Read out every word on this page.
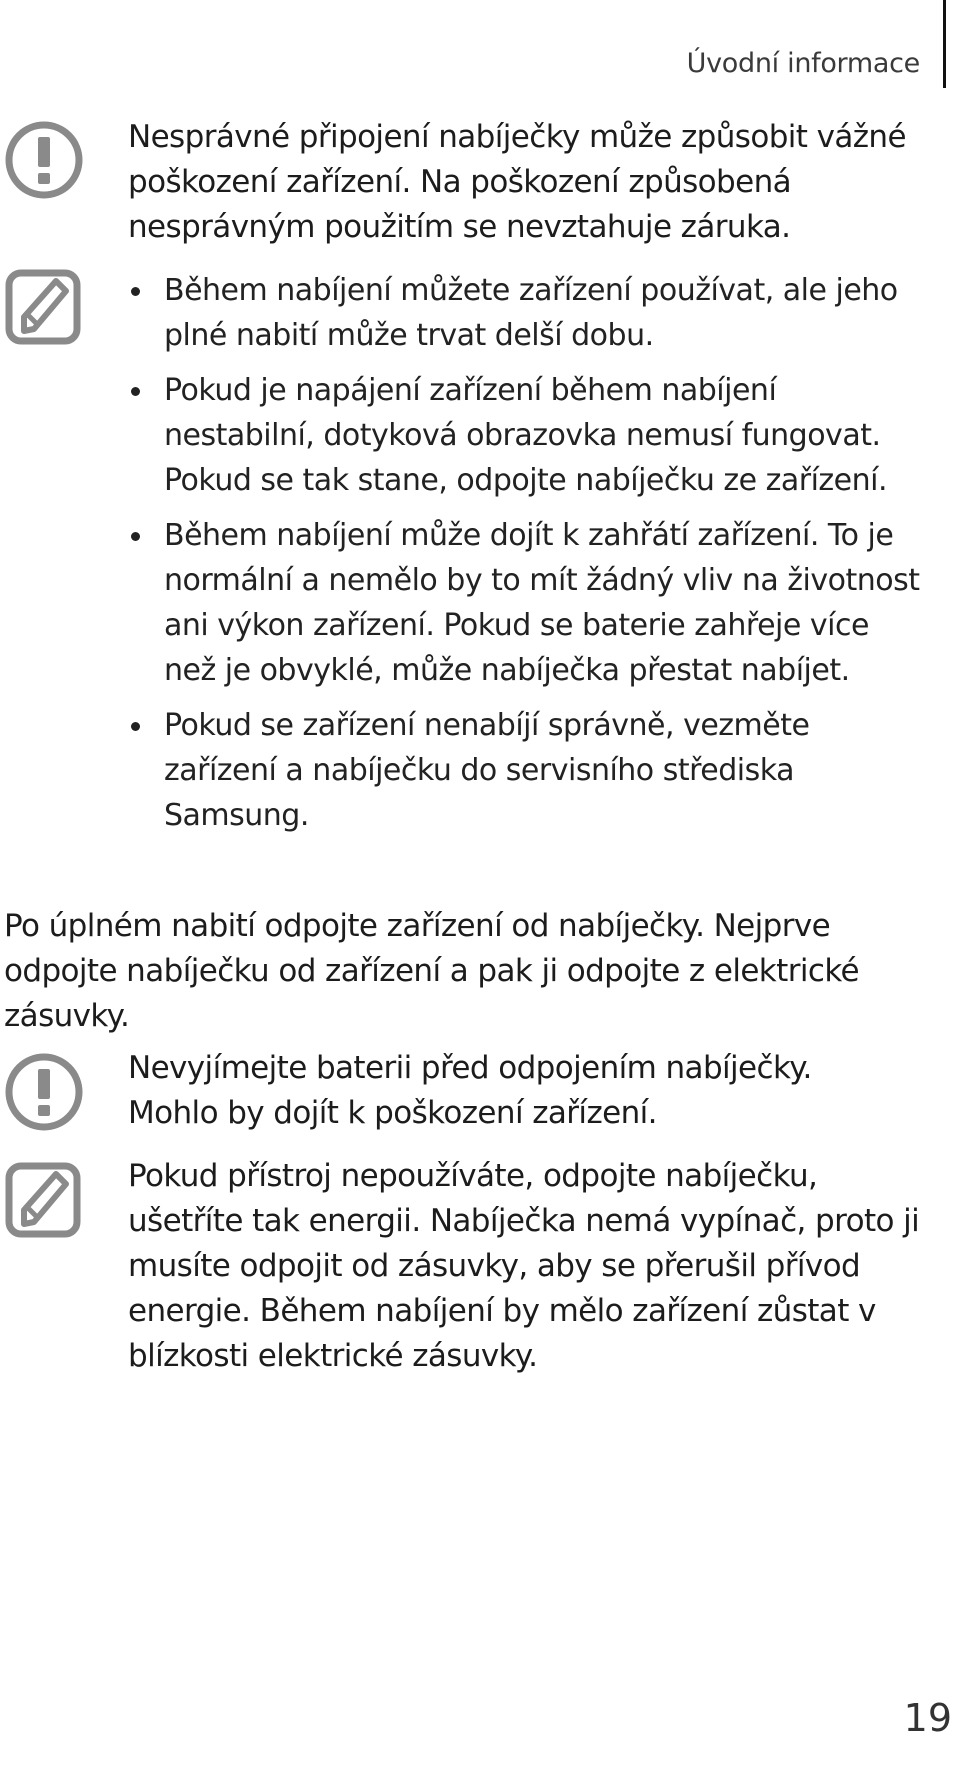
Úvodní informace

Nesprávné připojení nabíječky může způsobit vážné poškození zařízení. Na poškození způsobená nesprávným použitím se nevztahuje záruka.

Během nabíjení můžete zařízení používat, ale jeho plné nabití může trvat delší dobu.
Pokud je napájení zařízení během nabíjení nestabilní, dotyková obrazovka nemusí fungovat. Pokud se tak stane, odpojte nabíječku ze zařízení.
Během nabíjení může dojít k zahřátí zařízení. To je normální a nemělo by to mít žádný vliv na životnost ani výkon zařízení. Pokud se baterie zahřeje více než je obvyklé, může nabíječka přestat nabíjet.
Pokud se zařízení nenabíjí správně, vezměte zařízení a nabíječku do servisního střediska Samsung.

Po úplném nabití odpojte zařízení od nabíječky. Nejprve odpojte nabíječku od zařízení a pak ji odpojte z elektrické zásuvky.

Nevyjímejte baterii před odpojením nabíječky. Mohlo by dojít k poškození zařízení.

Pokud přístroj nepoužíváte, odpojte nabíječku, ušetříte tak energii. Nabíječka nemá vypínač, proto ji musíte odpojit od zásuvky, aby se přerušil přívod energie. Během nabíjení by mělo zařízení zůstat v blízkosti elektrické zásuvky.

19
